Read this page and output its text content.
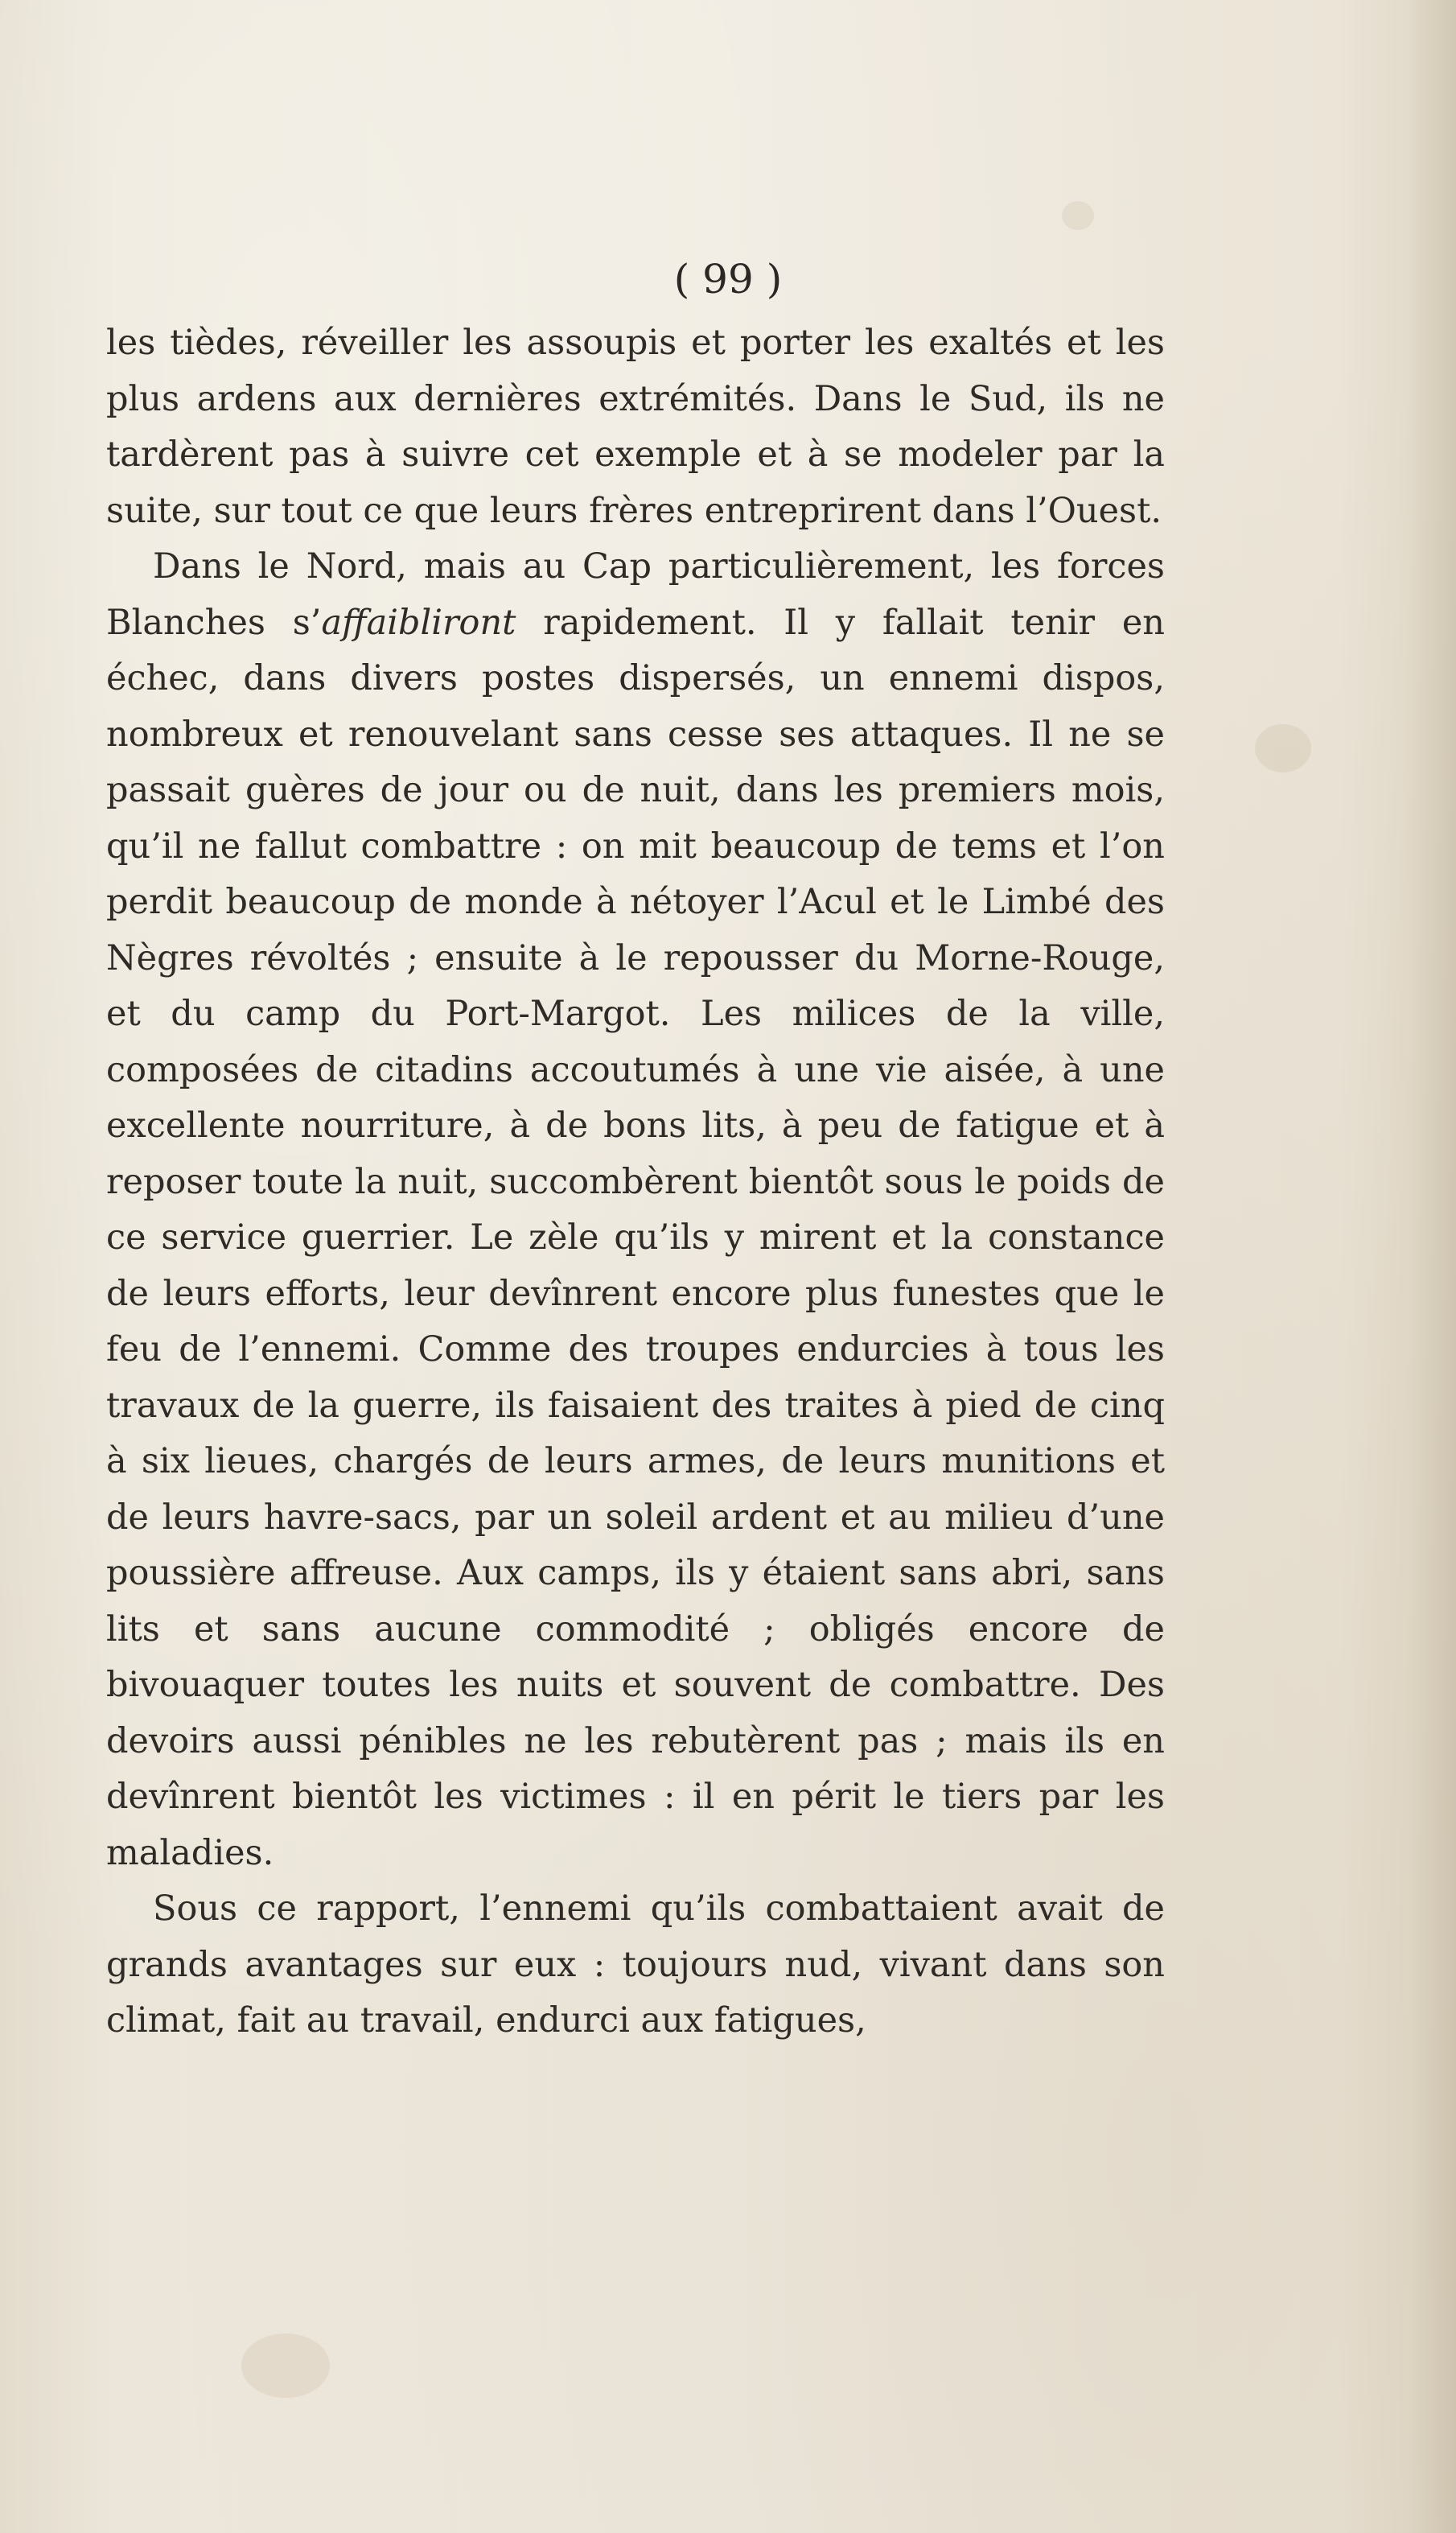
( 99 )

les tièdes, réveiller les assoupis et porter les exaltés et les plus ardens aux dernières extrémités. Dans le Sud, ils ne tardèrent pas à suivre cet exemple et à se modeler par la suite, sur tout ce que leurs frères entreprirent dans l’Ouest.

Dans le Nord, mais au Cap particulièrement, les forces Blanches s’affaibliront rapidement. Il y fallait tenir en échec, dans divers postes dispersés, un ennemi dispos, nombreux et renouvelant sans cesse ses attaques. Il ne se passait guères de jour ou de nuit, dans les premiers mois, qu’il ne fallut combattre : on mit beaucoup de tems et l’on perdit beaucoup de monde à nétoyer l’Acul et le Limbé des Nègres révoltés ; ensuite à le repousser du Morne-Rouge, et du camp du Port-Margot. Les milices de la ville, composées de citadins accoutumés à une vie aisée, à une excellente nourriture, à de bons lits, à peu de fatigue et à reposer toute la nuit, succombèrent bientôt sous le poids de ce service guerrier. Le zèle qu’ils y mirent et la constance de leurs efforts, leur devînrent encore plus funestes que le feu de l’ennemi. Comme des troupes endurcies à tous les travaux de la guerre, ils faisaient des traites à pied de cinq à six lieues, chargés de leurs armes, de leurs munitions et de leurs havre-sacs, par un soleil ardent et au milieu d’une poussière affreuse. Aux camps, ils y étaient sans abri, sans lits et sans aucune commodité ; obligés encore de bivouaquer toutes les nuits et souvent de combattre. Des devoirs aussi pénibles ne les rebutèrent pas ; mais ils en devînrent bientôt les victimes : il en périt le tiers par les maladies.

Sous ce rapport, l’ennemi qu’ils combattaient avait de grands avantages sur eux : toujours nud, vivant dans son climat, fait au travail, endurci aux fatigues,
